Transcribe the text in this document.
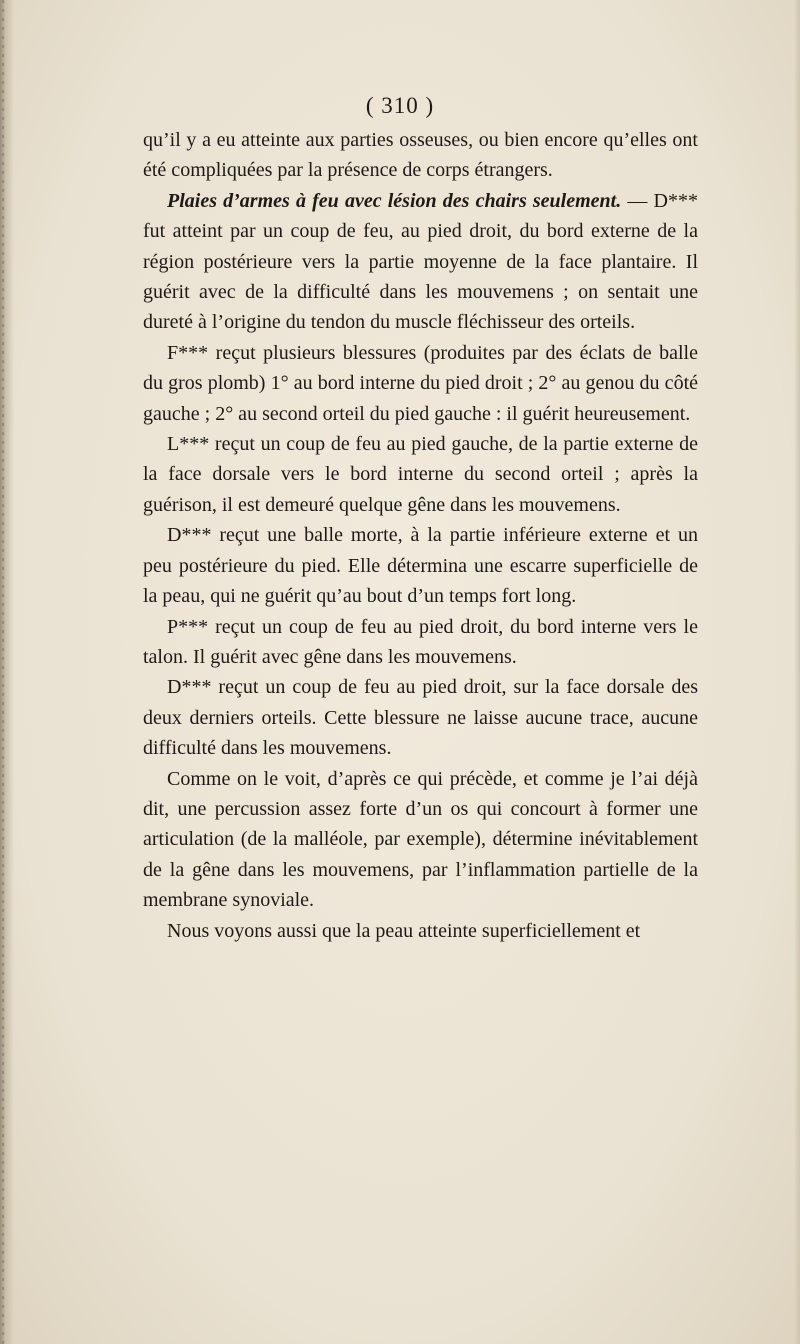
( 310 )

qu’il y a eu atteinte aux parties osseuses, ou bien encore qu’elles ont été compliquées par la présence de corps étrangers.

Plaies d’armes à feu avec lésion des chairs seulement. — D*** fut atteint par un coup de feu, au pied droit, du bord externe de la région postérieure vers la partie moyenne de la face plantaire. Il guérit avec de la difficulté dans les mouvemens ; on sentait une dureté à l’origine du tendon du muscle fléchisseur des orteils.

F*** reçut plusieurs blessures (produites par des éclats de balle du gros plomb) 1° au bord interne du pied droit ; 2° au genou du côté gauche ; 2° au second orteil du pied gauche : il guérit heureusement.

L*** reçut un coup de feu au pied gauche, de la partie externe de la face dorsale vers le bord interne du second orteil ; après la guérison, il est demeuré quelque gêne dans les mouvemens.

D*** reçut une balle morte, à la partie inférieure externe et un peu postérieure du pied. Elle détermina une escarre superficielle de la peau, qui ne guérit qu’au bout d’un temps fort long.

P*** reçut un coup de feu au pied droit, du bord interne vers le talon. Il guérit avec gêne dans les mouvemens.

D*** reçut un coup de feu au pied droit, sur la face dorsale des deux derniers orteils. Cette blessure ne laisse aucune trace, aucune difficulté dans les mouvemens.

Comme on le voit, d’après ce qui précède, et comme je l’ai déjà dit, une percussion assez forte d’un os qui concourt à former une articulation (de la malléole, par exemple), détermine inévitablement de la gêne dans les mouvemens, par l’inflammation partielle de la membrane synoviale.

Nous voyons aussi que la peau atteinte superficiellement et
